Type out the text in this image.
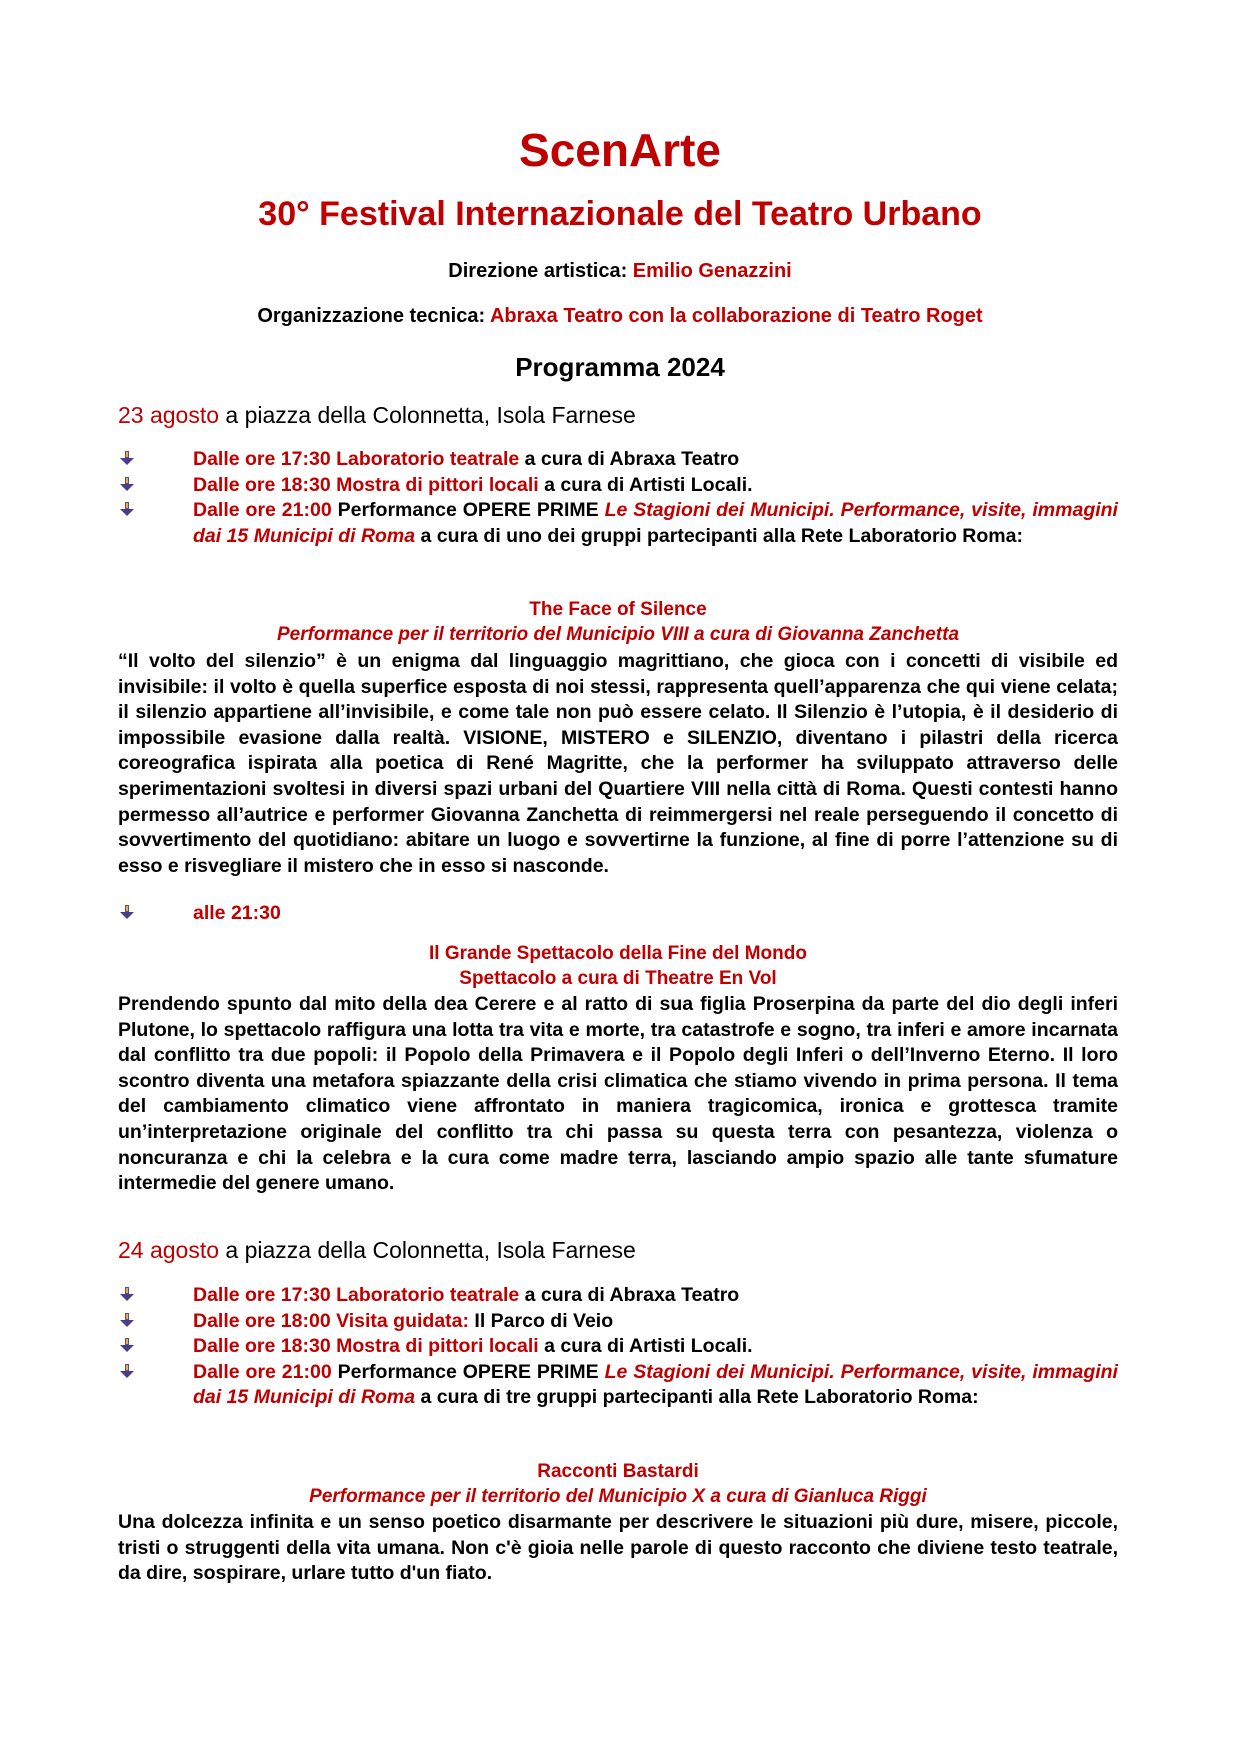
ScenArte
30° Festival Internazionale del Teatro Urbano
Direzione artistica: Emilio Genazzini
Organizzazione tecnica: Abraxa Teatro con la collaborazione di Teatro Roget
Programma 2024
23 agosto a piazza della Colonnetta, Isola Farnese
Dalle ore 17:30 Laboratorio teatrale a cura di Abraxa Teatro
Dalle ore 18:30 Mostra di pittori locali a cura di Artisti Locali.
Dalle ore 21:00 Performance OPERE PRIME Le Stagioni dei Municipi. Performance, visite, immagini dai 15 Municipi di Roma a cura di uno dei gruppi partecipanti alla Rete Laboratorio Roma:
The Face of Silence
Performance per il territorio del Municipio VIII a cura di Giovanna Zanchetta

“Il volto del silenzio” è un enigma dal linguaggio magrittiano, che gioca con i concetti di visibile ed invisibile: il volto è quella superfice esposta di noi stessi, rappresenta quell’apparenza che qui viene celata; il silenzio appartiene all’invisibile, e come tale non può essere celato. Il Silenzio è l’utopia, è il desiderio di impossibile evasione dalla realtà. VISIONE, MISTERO e SILENZIO, diventano i pilastri della ricerca coreografica ispirata alla poetica di René Magritte, che la performer ha sviluppato attraverso delle sperimentazioni svoltesi in diversi spazi urbani del Quartiere VIII nella città di Roma. Questi contesti hanno permesso all’autrice e performer Giovanna Zanchetta di reimmergersi nel reale perseguendo il concetto di sovvertimento del quotidiano: abitare un luogo e sovvertirne la funzione, al fine di porre l’attenzione su di esso e risvegliare il mistero che in esso si nasconde.

alle 21:30
Il Grande Spettacolo della Fine del Mondo
Spettacolo a cura di Theatre En Vol

Prendendo spunto dal mito della dea Cerere e al ratto di sua figlia Proserpina da parte del dio degli inferi Plutone, lo spettacolo raffigura una lotta tra vita e morte, tra catastrofe e sogno, tra inferi e amore incarnata dal conflitto tra due popoli: il Popolo della Primavera e il Popolo degli Inferi o dell’Inverno Eterno. Il loro scontro diventa una metafora spiazzante della crisi climatica che stiamo vivendo in prima persona. Il tema del cambiamento climatico viene affrontato in maniera tragicomica, ironica e grottesca tramite un’interpretazione originale del conflitto tra chi passa su questa terra con pesantezza, violenza o noncuranza e chi la celebra e la cura come madre terra, lasciando ampio spazio alle tante sfumature intermedie del genere umano.

24 agosto a piazza della Colonnetta, Isola Farnese
Dalle ore 17:30 Laboratorio teatrale a cura di Abraxa Teatro
Dalle ore 18:00 Visita guidata: Il Parco di Veio
Dalle ore 18:30 Mostra di pittori locali a cura di Artisti Locali.
Dalle ore 21:00 Performance OPERE PRIME Le Stagioni dei Municipi. Performance, visite, immagini dai 15 Municipi di Roma a cura di tre gruppi partecipanti alla Rete Laboratorio Roma:
Racconti Bastardi
Performance per il territorio del Municipio X a cura di Gianluca Riggi

Una dolcezza infinita e un senso poetico disarmante per descrivere le situazioni più dure, misere, piccole, tristi o struggenti della vita umana. Non c'è gioia nelle parole di questo racconto che diviene testo teatrale, da dire, sospirare, urlare tutto d'un fiato.
